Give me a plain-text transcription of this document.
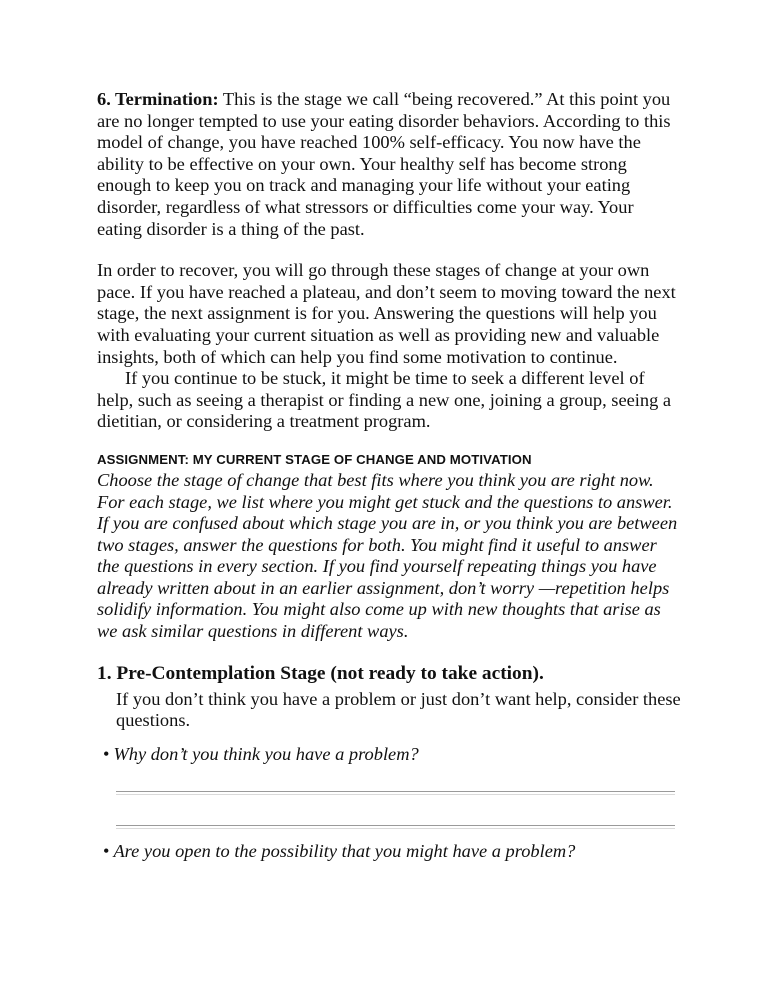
6. Termination: This is the stage we call “being recovered.” At this point you are no longer tempted to use your eating disorder behaviors. According to this model of change, you have reached 100% self-efficacy. You now have the ability to be effective on your own. Your healthy self has become strong enough to keep you on track and managing your life without your eating disorder, regardless of what stressors or difficulties come your way. Your eating disorder is a thing of the past.

In order to recover, you will go through these stages of change at your own pace. If you have reached a plateau, and don’t seem to moving toward the next stage, the next assignment is for you. Answering the questions will help you with evaluating your current situation as well as providing new and valuable insights, both of which can help you find some motivation to continue.

If you continue to be stuck, it might be time to seek a different level of help, such as seeing a therapist or finding a new one, joining a group, seeing a dietitian, or considering a treatment program.

ASSIGNMENT: MY CURRENT STAGE OF CHANGE AND MOTIVATION

Choose the stage of change that best fits where you think you are right now. For each stage, we list where you might get stuck and the questions to answer. If you are confused about which stage you are in, or you think you are between two stages, answer the questions for both. You might find it useful to answer the questions in every section. If you find yourself repeating things you have already written about in an earlier assignment, don’t worry —repetition helps solidify information. You might also come up with new thoughts that arise as we ask similar questions in different ways.

1. Pre-Contemplation Stage (not ready to take action).

If you don’t think you have a problem or just don’t want help, consider these questions.

• Why don’t you think you have a problem?

• Are you open to the possibility that you might have a problem?
